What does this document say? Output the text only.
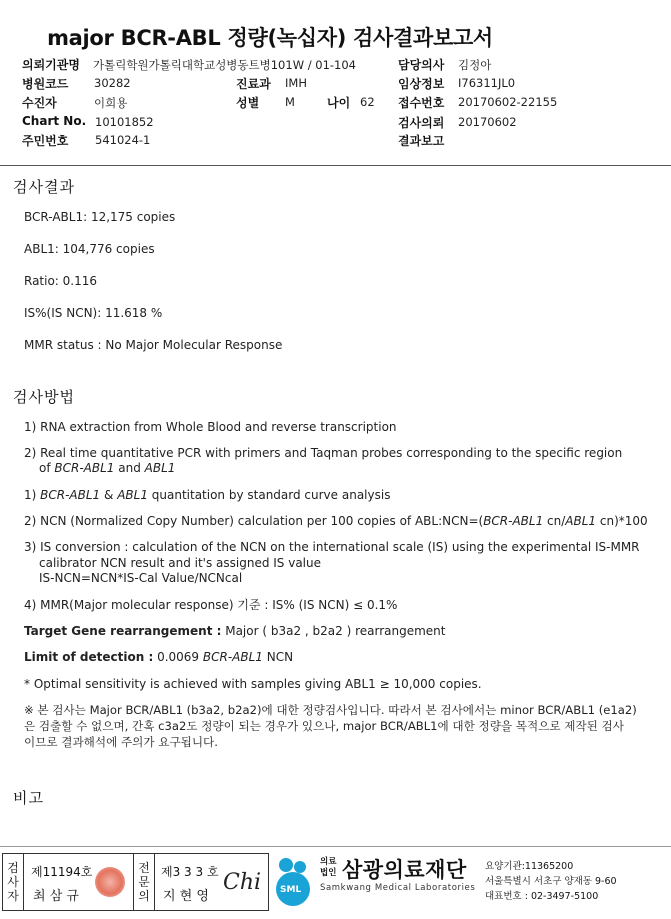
major BCR-ABL 정량(녹십자) 검사결과보고서
의뢰기관명 가톨릭학원가톨릭대학교성병동트병101W / 01-104	담당의사 김정아
병원코드 30282	진료과 IMH	임상정보 I76311JL0
수진자	이희용	성별 M	나이 62 접수번호 20170602-22155
Chart No. 10101852	검사의뢰 20170602
주민번호 541024-1	결과보고
검사결과
BCR-ABL1: 12,175 copies
ABL1: 104,776 copies
Ratio: 0.116
IS%(IS NCN): 11.618 %
MMR status : No Major Molecular Response
검사방법
1) RNA extraction from Whole Blood and reverse transcription
2) Real time quantitative PCR with primers and Taqman probes corresponding to the specific region
of BCR-ABL1 and ABL1
1) BCR-ABL1 & ABL1 quantitation by standard curve analysis
2) NCN (Normalized Copy Number) calculation per 100 copies of ABL:NCN=(BCR-ABL1 cn/ABL1 cn)*100
3) IS conversion : calculation of the NCN on the international scale (IS) using the experimental IS-MMR
calibrator NCN result and it's assigned IS value
IS-NCN=NCN*IS-Cal Value/NCNcal
4) MMR(Major molecular response) 기준 : IS% (IS NCN) ≤ 0.1%
Target Gene rearrangement : Major ( b3a2 , b2a2 ) rearrangement
Limit of detection : 0.0069 BCR-ABL1 NCN
* Optimal sensitivity is achieved with samples giving ABL1 ≥ 10,000 copies.
※ 본 검사는 Major BCR/ABL1 (b3a2, b2a2)에 대한 정량검사입니다. 따라서 본 검사에서는 minor BCR/ABL1 (e1a2)
은 검출할 수 없으며, 간혹 c3a2도 정량이 되는 경우가 있으나, major BCR/ABL1에 대한 정량을 목적으로 제작된 검사
이므로 결과해석에 주의가 요구됩니다.
비고
검
사
자
제11194호
최 삼 규
전
문
의
제3 3 3 호
지 현 영
Chi SML
의료
법인 삼광의료재단
Samkwang Medical Laboratories
요양기관:11365200
서울특별시 서초구 양재동 9-60
대표번호 : 02-3497-5100
